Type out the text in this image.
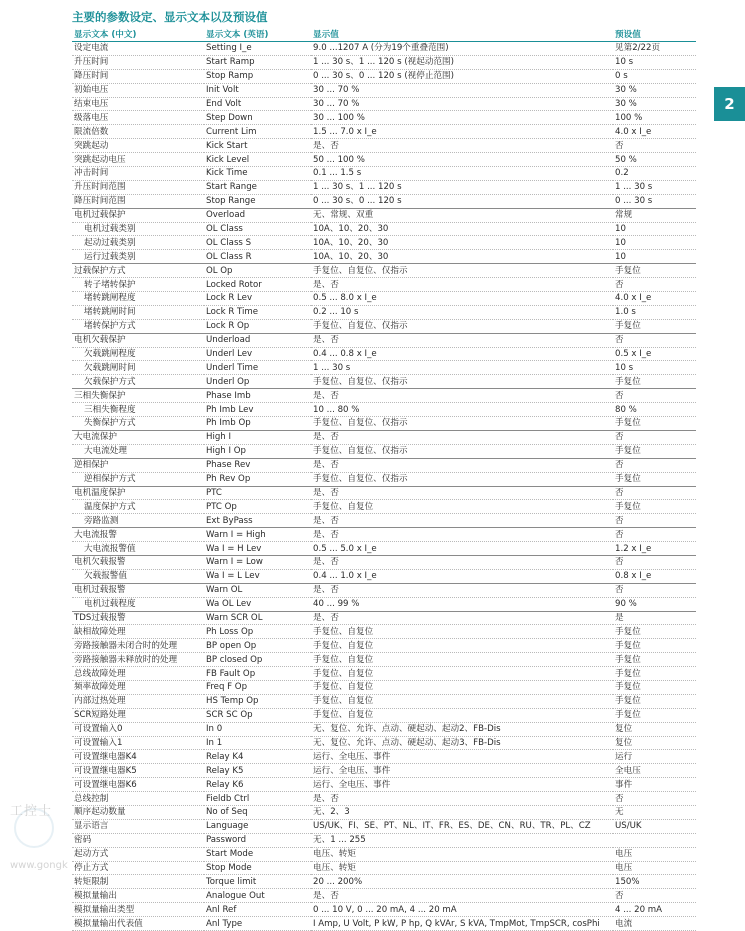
主要的参数设定、显示文本以及预设值
2
显示文本 (中文)	显示文本 (英语)	显示值	预设值
设定电流	Setting I_e	9.0 ...1207 A (分为19个重叠范围)	见第2/22页
升压时间	Start Ramp	1 ... 30 s、1 ... 120 s (视起动范围)	10 s
降压时间	Stop Ramp	0 ... 30 s、0 ... 120 s (视停止范围)	0 s
初始电压	Init Volt	30 ... 70 %	30 %
结束电压	End Volt	30 ... 70 %	30 %
级落电压	Step Down	30 ... 100 %	100 %
限流倍数	Current Lim	1.5 ... 7.0 x I_e	4.0 x I_e
突跳起动	Kick Start	是、否	否
突跳起动电压	Kick Level	50 ... 100 %	50 %
冲击时间	Kick Time	0.1 ... 1.5 s	0.2
升压时间范围	Start Range	1 ... 30 s、1 ... 120 s	1 ... 30 s
降压时间范围	Stop Range	0 ... 30 s、0 ... 120 s	0 ... 30 s
电机过载保护	Overload	无、常规、双重	常规
电机过载类别	OL Class	10A、10、20、30	10
起动过载类别	OL Class S	10A、10、20、30	10
运行过载类别	OL Class R	10A、10、20、30	10
过载保护方式	OL Op	手复位、自复位、仅指示	手复位
转子堵转保护	Locked Rotor	是、否	否
堵转跳闸程度	Lock R Lev	0.5 ... 8.0 x I_e	4.0 x I_e
堵转跳闸时间	Lock R Time	0.2 ... 10 s	1.0 s
堵转保护方式	Lock R Op	手复位、自复位、仅指示	手复位
电机欠载保护	Underload	是、否	否
欠载跳闸程度	Underl Lev	0.4 ... 0.8 x I_e	0.5 x I_e
欠载跳闸时间	Underl Time	1 ... 30 s	10 s
欠载保护方式	Underl Op	手复位、自复位、仅指示	手复位
三相失衡保护	Phase Imb	是、否	否
三相失衡程度	Ph Imb Lev	10 ... 80 %	80 %
失衡保护方式	Ph Imb Op	手复位、自复位、仅指示	手复位
大电流保护	High I	是、否	否
大电流处理	High I Op	手复位、自复位、仅指示	手复位
逆相保护	Phase Rev	是、否	否
逆相保护方式	Ph Rev Op	手复位、自复位、仅指示	手复位
电机温度保护	PTC	是、否	否
温度保护方式	PTC Op	手复位、自复位	手复位
旁路监测	Ext ByPass	是、否	否
大电流报警	Warn I = High	是、否	否
大电流报警值	Wa I = H Lev	0.5 ... 5.0 x I_e	1.2 x I_e
电机欠载报警	Warn I = Low	是、否	否
欠载报警值	Wa I = L Lev	0.4 ... 1.0 x I_e	0.8 x I_e
电机过载报警	Warn OL	是、否	否
电机过载程度	Wa OL Lev	40 ... 99 %	90 %
TDS过载报警	Warn SCR OL	是、否	是
缺相故障处理	Ph Loss Op	手复位、自复位	手复位
旁路接触器未闭合时的处理	BP open Op	手复位、自复位	手复位
旁路接触器未释放时的处理	BP closed Op	手复位、自复位	手复位
总线故障处理	FB Fault Op	手复位、自复位	手复位
频率故障处理	Freq F Op	手复位、自复位	手复位
内部过热处理	HS Temp Op	手复位、自复位	手复位
SCR短路处理	SCR SC Op	手复位、自复位	手复位
可设置输入0	In 0	无、复位、允许、点动、硬起动、起动2、FB-Dis	复位
可设置输入1	In 1	无、复位、允许、点动、硬起动、起动3、FB-Dis	复位
可设置继电器K4	Relay K4	运行、全电压、事件	运行
可设置继电器K5	Relay K5	运行、全电压、事件	全电压
可设置继电器K6	Relay K6	运行、全电压、事件	事件
总线控制	Fieldb Ctrl	是、否	否
顺序起动数量	No of Seq	无、2、3	无
显示语言	Language	US/UK、FI、SE、PT、NL、IT、FR、ES、DE、CN、RU、TR、PL、CZ	US/UK
密码	Password	无、1 ... 255	
起动方式	Start Mode	电压、转矩	电压
停止方式	Stop Mode	电压、转矩	电压
转矩限制	Torque limit	20 ... 200%	150%
模拟量输出	Analogue Out	是、否	否
模拟量输出类型	Anl Ref	0 ... 10 V, 0 ... 20 mA, 4 ... 20 mA	4 ... 20 mA
模拟量输出代表值	Anl Type	I Amp, U Volt, P kW, P hp, Q kVAr, S kVA, TmpMot, TmpSCR, cosPhi	电流
工控士
www.gongk
